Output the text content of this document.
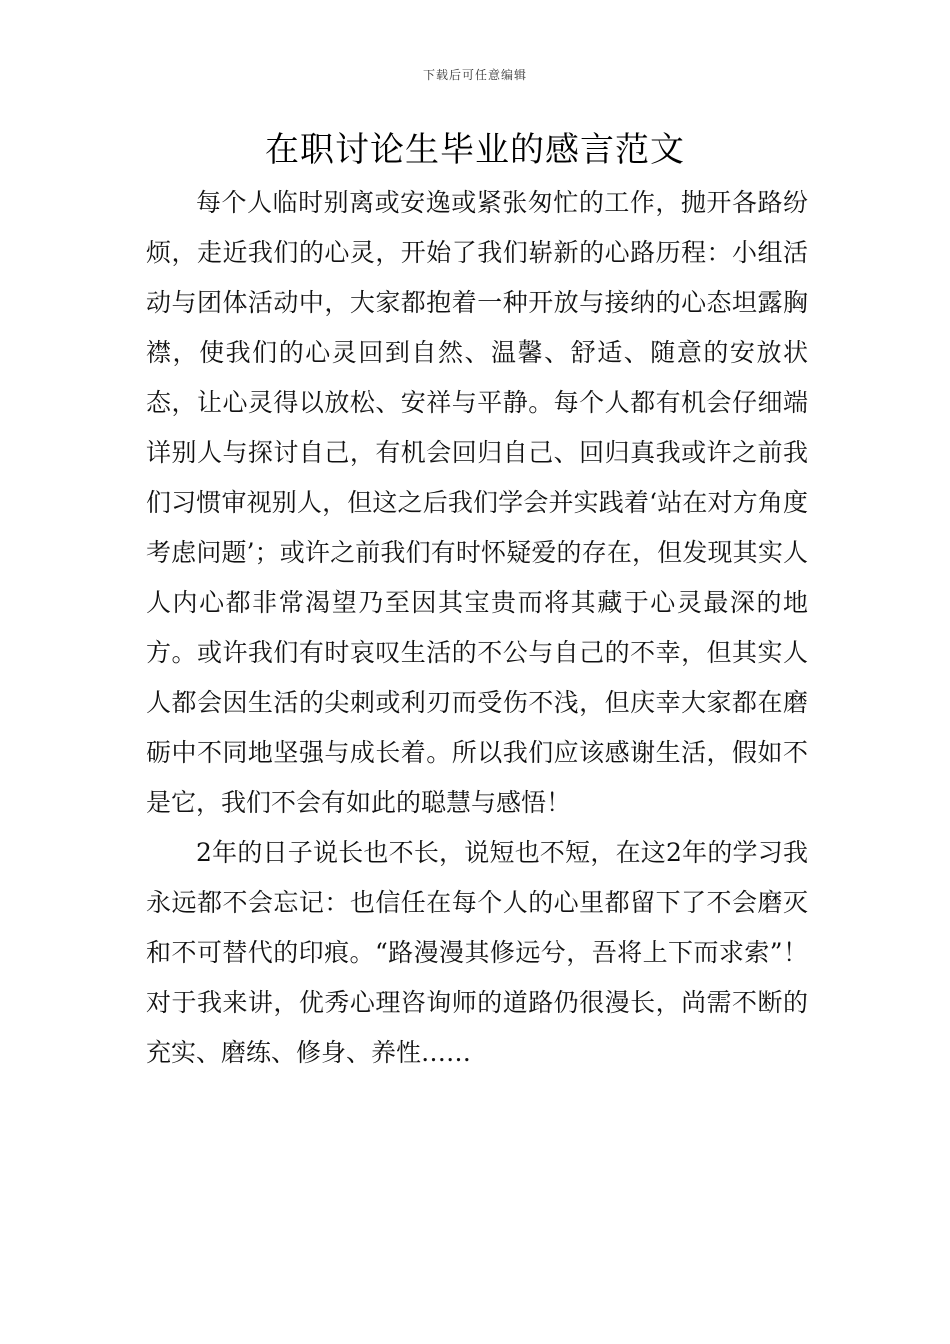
下载后可任意编辑
在职讨论生毕业的感言范文

每个人临时别离或安逸或紧张匆忙的工作，抛开各路纷烦，走近我们的心灵，开始了我们崭新的心路历程：小组活动与团体活动中，大家都抱着一种开放与接纳的心态坦露胸襟，使我们的心灵回到自然、温馨、舒适、随意的安放状态，让心灵得以放松、安祥与平静。每个人都有机会仔细端详别人与探讨自己，有机会回归自己、回归真我或许之前我们习惯审视别人，但这之后我们学会并实践着‘站在对方角度考虑问题’；或许之前我们有时怀疑爱的存在，但发现其实人人内心都非常渴望乃至因其宝贵而将其藏于心灵最深的地方。或许我们有时哀叹生活的不公与自己的不幸，但其实人人都会因生活的尖刺或利刃而受伤不浅，但庆幸大家都在磨砺中不同地坚强与成长着。所以我们应该感谢生活，假如不是它，我们不会有如此的聪慧与感悟！

2年的日子说长也不长，说短也不短，在这2年的学习我永远都不会忘记：也信任在每个人的心里都留下了不会磨灭和不可替代的印痕。“路漫漫其修远兮，吾将上下而求索”！对于我来讲，优秀心理咨询师的道路仍很漫长，尚需不断的充实、磨练、修身、养性……
